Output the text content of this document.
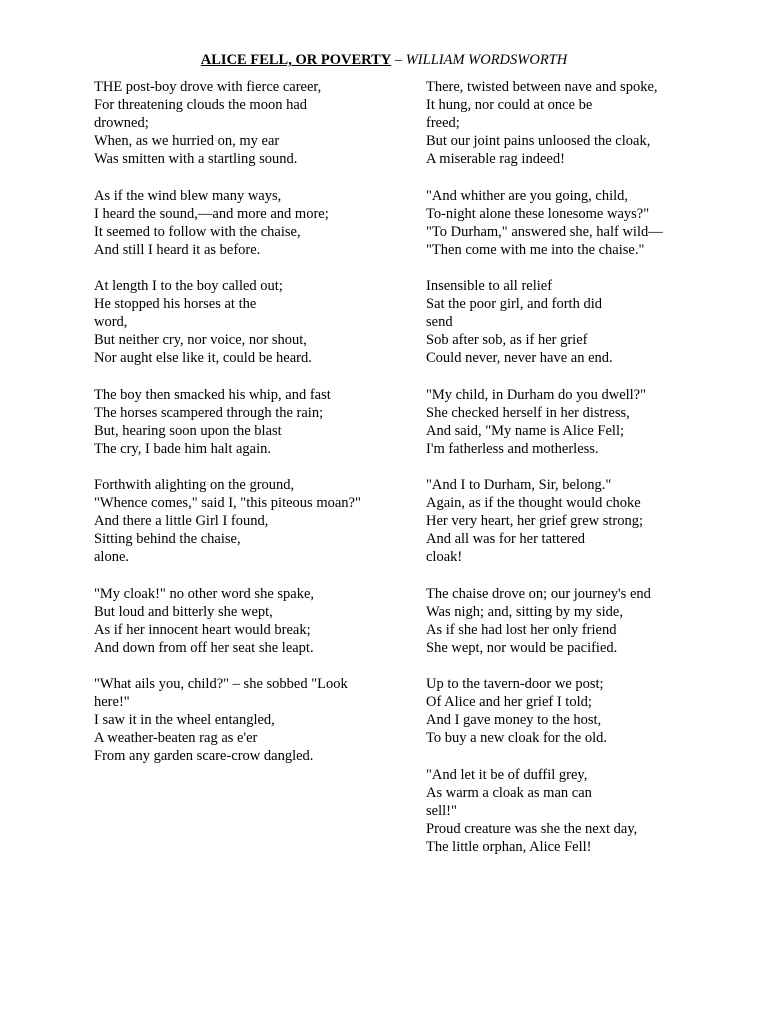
ALICE FELL, OR POVERTY – WILLIAM WORDSWORTH
THE post-boy drove with fierce career,
For threatening clouds the moon had
drowned;
When, as we hurried on, my ear
Was smitten with a startling sound.
As if the wind blew many ways,
I heard the sound,—and more and more;
It seemed to follow with the chaise,
And still I heard it as before.
At length I to the boy called out;
He stopped his horses at the
word,
But neither cry, nor voice, nor shout,
Nor aught else like it, could be heard.
The boy then smacked his whip, and fast
The horses scampered through the rain;
But, hearing soon upon the blast
The cry, I bade him halt again.
Forthwith alighting on the ground,
"Whence comes," said I, "this piteous moan?"
And there a little Girl I found,
Sitting behind the chaise,
alone.
"My cloak!" no other word she spake,
But loud and bitterly she wept,
As if her innocent heart would break;
And down from off her seat she leapt.
"What ails you, child?" – she sobbed "Look
here!"
I saw it in the wheel entangled,
A weather-beaten rag as e'er
From any garden scare-crow dangled.
There, twisted between nave and spoke,
It hung, nor could at once be
freed;
But our joint pains unloosed the cloak,
A miserable rag indeed!
"And whither are you going, child,
To-night alone these lonesome ways?"
"To Durham," answered she, half wild—
"Then come with me into the chaise."
Insensible to all relief
Sat the poor girl, and forth did
send
Sob after sob, as if her grief
Could never, never have an end.
"My child, in Durham do you dwell?"
She checked herself in her distress,
And said, "My name is Alice Fell;
I'm fatherless and motherless.
"And I to Durham, Sir, belong."
Again, as if the thought would choke
Her very heart, her grief grew strong;
And all was for her tattered
cloak!
The chaise drove on; our journey's end
Was nigh; and, sitting by my side,
As if she had lost her only friend
She wept, nor would be pacified.
Up to the tavern-door we post;
Of Alice and her grief I told;
And I gave money to the host,
To buy a new cloak for the old.
"And let it be of duffil grey,
As warm a cloak as man can
sell!"
Proud creature was she the next day,
The little orphan, Alice Fell!
